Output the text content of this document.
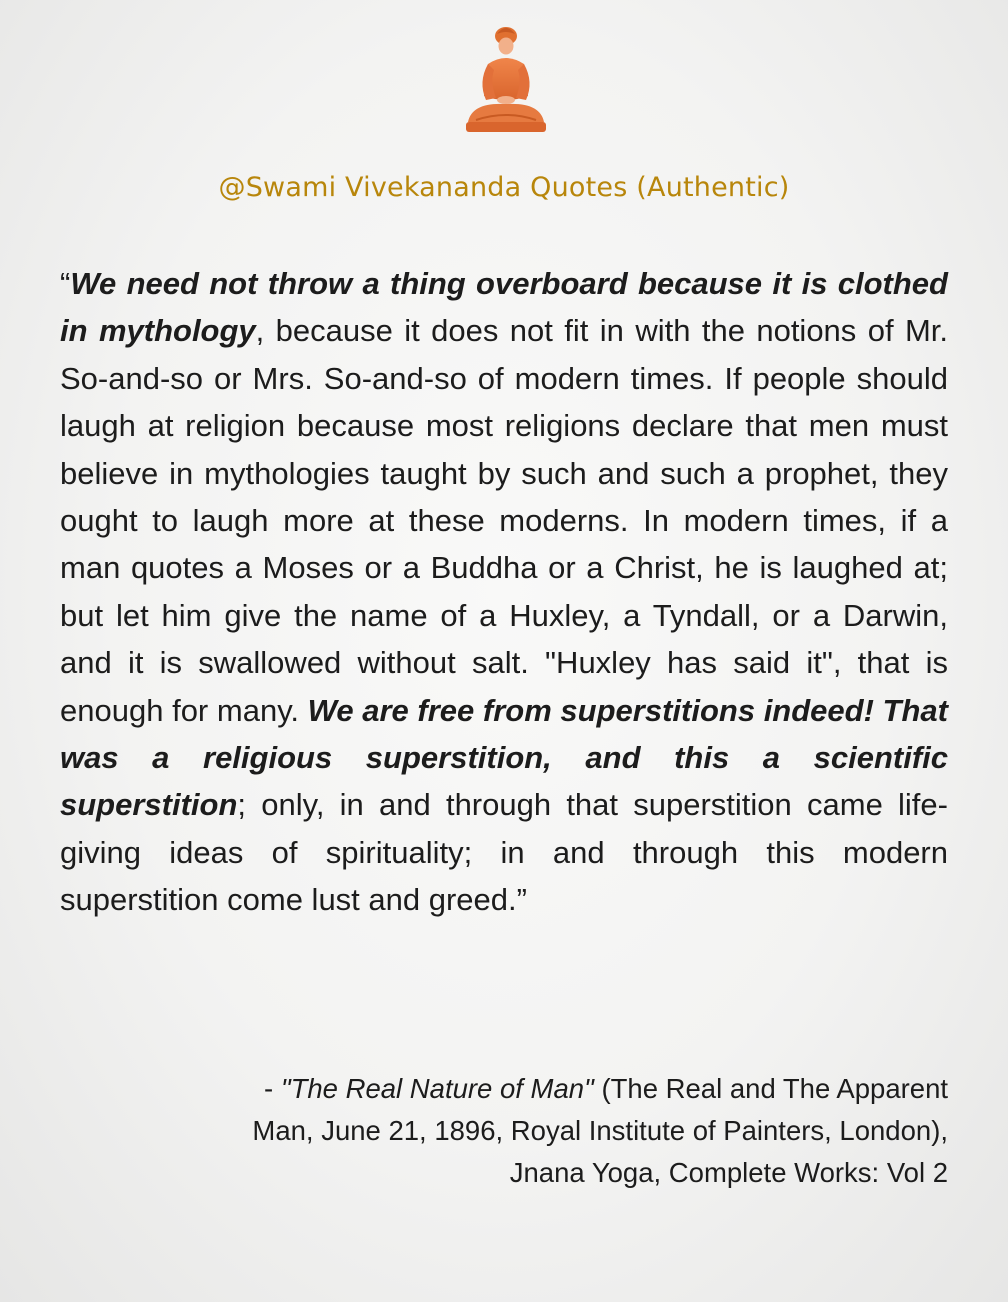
@Swami Vivekananda Quotes (Authentic)

“We need not throw a thing overboard because it is clothed in mythology, because it does not fit in with the notions of Mr. So-and-so or Mrs. So-and-so of modern times. If people should laugh at religion because most religions declare that men must believe in mythologies taught by such and such a prophet, they ought to laugh more at these moderns. In modern times, if a man quotes a Moses or a Buddha or a Christ, he is laughed at; but let him give the name of a Huxley, a Tyndall, or a Darwin, and it is swallowed without salt. "Huxley has said it", that is enough for many. We are free from superstitions indeed! That was a religious superstition, and this a scientific superstition; only, in and through that superstition came life-giving ideas of spirituality; in and through this modern superstition come lust and greed.”

- "The Real Nature of Man" (The Real and The Apparent
Man, June 21, 1896, Royal Institute of Painters, London),
Jnana Yoga, Complete Works: Vol 2
